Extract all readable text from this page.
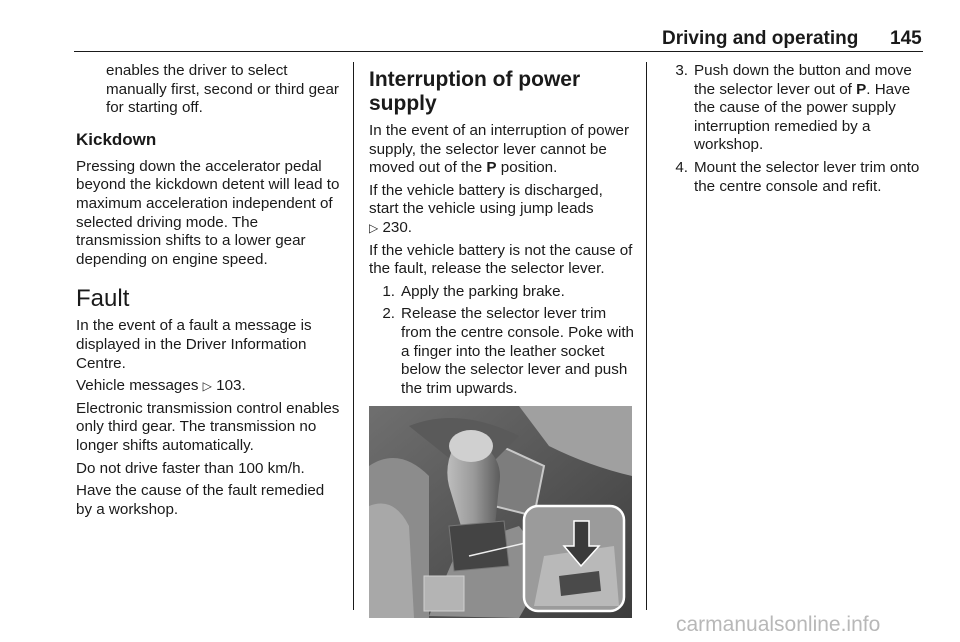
Driving and operating 145

enables the driver to select manually first, second or third gear for starting off.

Kickdown

Pressing down the accelerator pedal beyond the kickdown detent will lead to maximum acceleration independent of selected driving mode. The transmission shifts to a lower gear depending on engine speed.

Fault

In the event of a fault a message is displayed in the Driver Information Centre.

Vehicle messages ▷ 103.

Electronic transmission control enables only third gear. The transmission no longer shifts automatically.

Do not drive faster than 100 km/h.

Have the cause of the fault remedied by a workshop.

Interruption of power supply

In the event of an interruption of power supply, the selector lever cannot be moved out of the P position.

If the vehicle battery is discharged, start the vehicle using jump leads
▷ 230.

If the vehicle battery is not the cause of the fault, release the selector lever.

1. Apply the parking brake.
2. Release the selector lever trim from the centre console. Poke with a finger into the leather socket below the selector lever and push the trim upwards.
3. Push down the button and move the selector lever out of P. Have the cause of the power supply interruption remedied by a workshop.
4. Mount the selector lever trim onto the centre console and refit.
carmanualsonline.info
